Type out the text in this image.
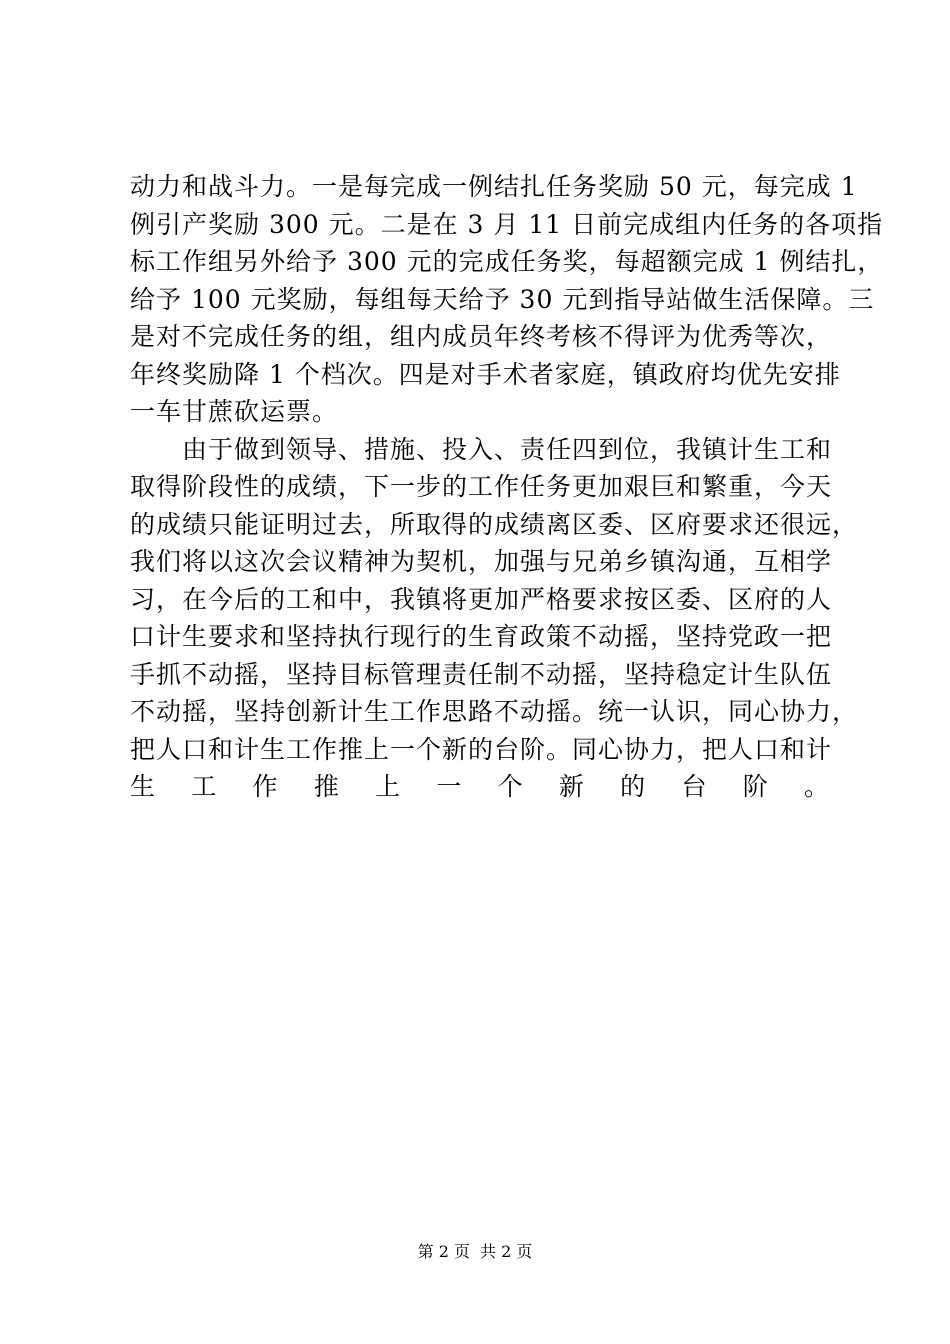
动力和战斗力。一是每完成一例结扎任务奖励 50 元，每完成 1
例引产奖励 300 元。二是在 3 月 11 日前完成组内任务的各项指
标工作组另外给予 300 元的完成任务奖，每超额完成 1 例结扎，
给予 100 元奖励，每组每天给予 30 元到指导站做生活保障。三
是对不完成任务的组，组内成员年终考核不得评为优秀等次，
年终奖励降 1 个档次。四是对手术者家庭，镇政府均优先安排
一车甘蔗砍运票。
由于做到领导、措施、投入、责任四到位，我镇计生工和
取得阶段性的成绩，下一步的工作任务更加艰巨和繁重，今天
的成绩只能证明过去，所取得的成绩离区委、区府要求还很远，
我们将以这次会议精神为契机，加强与兄弟乡镇沟通，互相学
习，在今后的工和中，我镇将更加严格要求按区委、区府的人
口计生要求和坚持执行现行的生育政策不动摇，坚持党政一把
手抓不动摇，坚持目标管理责任制不动摇，坚持稳定计生队伍
不动摇，坚持创新计生工作思路不动摇。统一认识，同心协力，
把人口和计生工作推上一个新的台阶。同心协力，把人口和计
生工作推上一个新的台阶。
第 2 页 共 2 页
